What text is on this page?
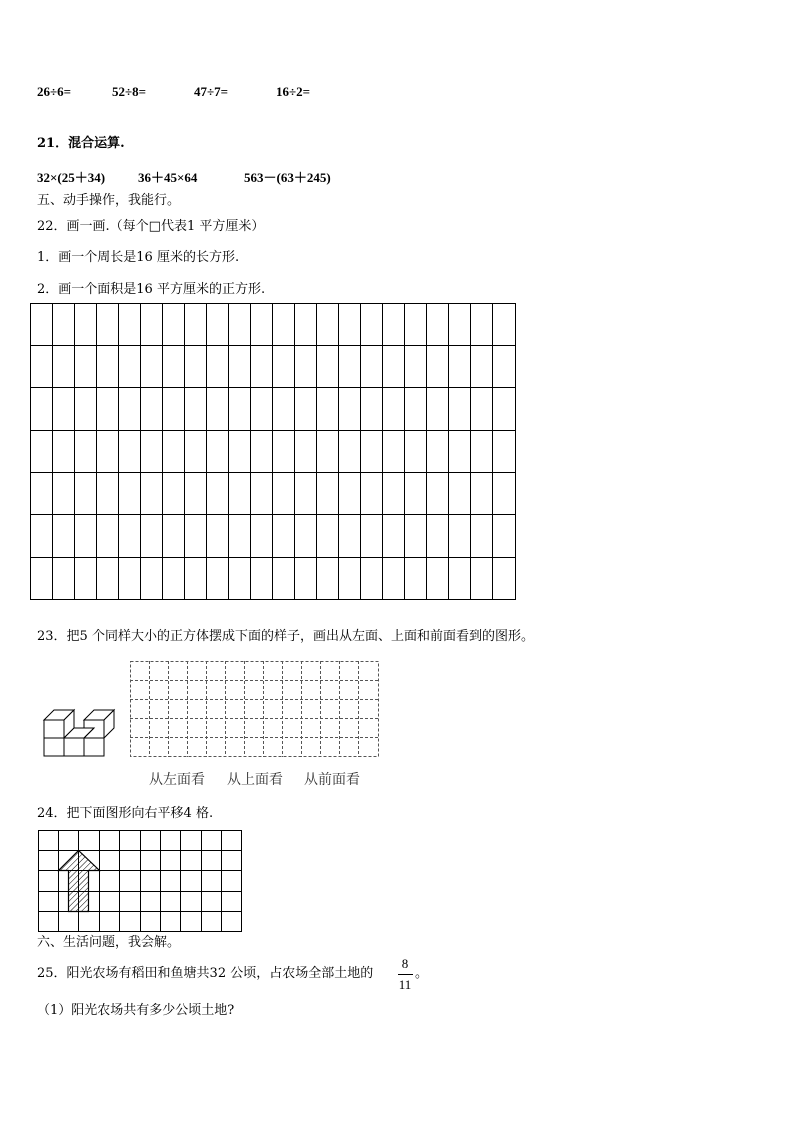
26÷6=	52÷8=	47÷7=	16÷2=
21．混合运算.
32×(25＋34)	36＋45×64	563－(63＋245)
五、动手操作，我能行。
22．画一画.（每个□代表1 平方厘米）
1．画一个周长是16 厘米的长方形.
2．画一个面积是16 平方厘米的正方形.
23．把5 个同样大小的正方体摆成下面的样子，画出从左面、上面和前面看到的图形。
从左面看 从上面看 从前面看
24．把下面图形向右平移4 格.
六、生活问题，我会解。
25．阳光农场有稻田和鱼塘共32 公顷，占农场全部土地的
8
11
。
（1）阳光农场共有多少公顷土地?
